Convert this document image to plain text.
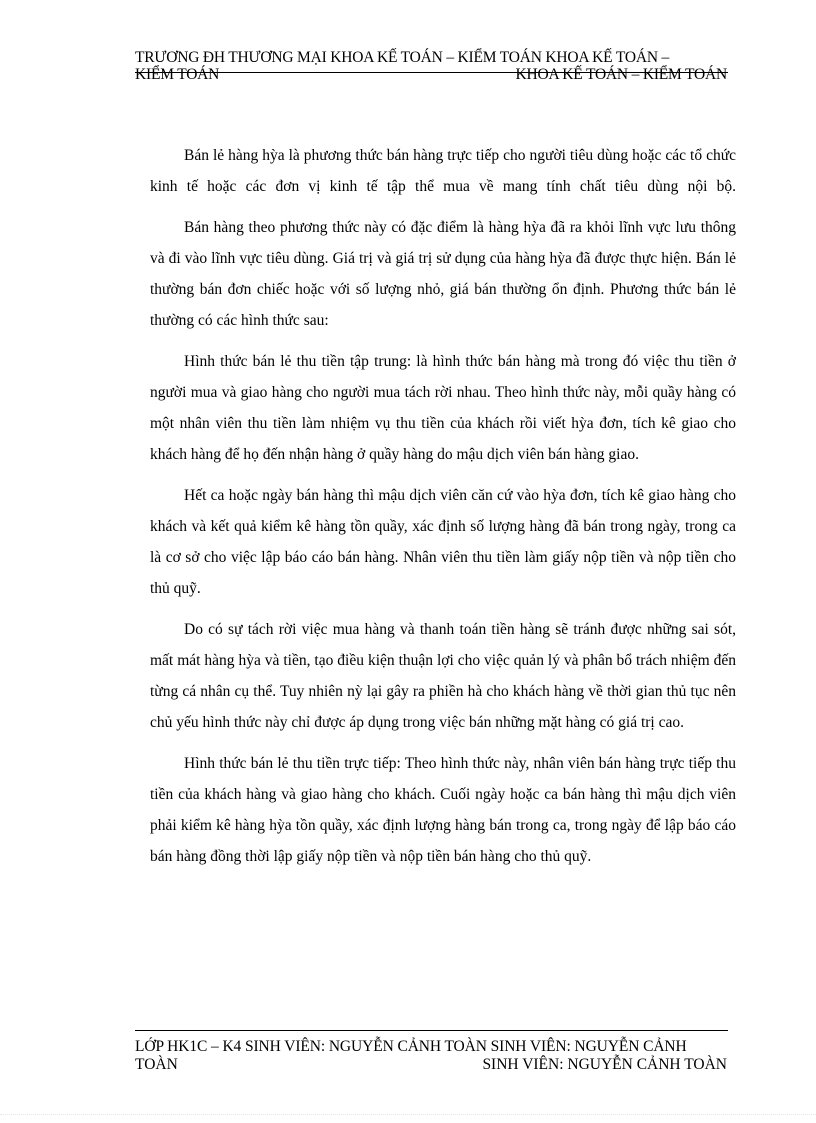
TRƯƠNG ĐH THƯƠNG MẠI KHOA KẾ TOÁN – KIỂM TOÁN KHOA KẾ TOÁN –
KIỂM TOÁN	KHOA KẾ TOÁN – KIỂM TOÁN

Bán lẻ hàng hỳa là phương thức bán hàng trực tiếp cho người tiêu dùng hoặc các tổ chức kinh tế hoặc các đơn vị kinh tế tập thể mua về mang tính chất tiêu dùng nội bộ.

Bán hàng theo phương thức này có đặc điểm là hàng hỳa đã ra khỏi lĩnh vực lưu thông và đi vào lĩnh vực tiêu dùng. Giá trị và giá trị sử dụng của hàng hỳa đã được thực hiện. Bán lẻ thường bán đơn chiếc hoặc với số lượng nhỏ, giá bán thường ổn định. Phương thức bán lẻ thường có các hình thức sau:

Hình thức bán lẻ thu tiền tập trung: là hình thức bán hàng mà trong đó việc thu tiền ở người mua và giao hàng cho người mua tách rời nhau. Theo hình thức này, mỗi quầy hàng có một nhân viên thu tiền làm nhiệm vụ thu tiền của khách rồi viết hỳa đơn, tích kê giao cho khách hàng để họ đến nhận hàng ở quầy hàng do mậu dịch viên bán hàng giao.

Hết ca hoặc ngày bán hàng thì mậu dịch viên căn cứ vào hỳa đơn, tích kê giao hàng cho khách và kết quả kiểm kê hàng tồn quầy, xác định số lượng hàng đã bán trong ngày, trong ca là cơ sở cho việc lập báo cáo bán hàng. Nhân viên thu tiền làm giấy nộp tiền và nộp tiền cho thủ quỹ.

Do có sự tách rời việc mua hàng và thanh toán tiền hàng sẽ tránh được những sai sót, mất mát hàng hỳa và tiền, tạo điều kiện thuận lợi cho việc quản lý và phân bổ trách nhiệm đến từng cá nhân cụ thể. Tuy nhiên nỳ lại gây ra phiền hà cho khách hàng về thời gian thủ tục nên chủ yếu hình thức này chỉ được áp dụng trong việc bán những mặt hàng có giá trị cao.

Hình thức bán lẻ thu tiền trực tiếp: Theo hình thức này, nhân viên bán hàng trực tiếp thu tiền của khách hàng và giao hàng cho khách. Cuối ngày hoặc ca bán hàng thì mậu dịch viên phải kiểm kê hàng hỳa tồn quầy, xác định lượng hàng bán trong ca, trong ngày để lập báo cáo bán hàng đồng thời lập giấy nộp tiền và nộp tiền bán hàng cho thủ quỹ.

LỚP HK1C – K4 SINH VIÊN: NGUYỄN CẢNH TOÀN SINH VIÊN: NGUYỄN CẢNH
TOÀN	SINH VIÊN: NGUYỄN CẢNH TOÀN
